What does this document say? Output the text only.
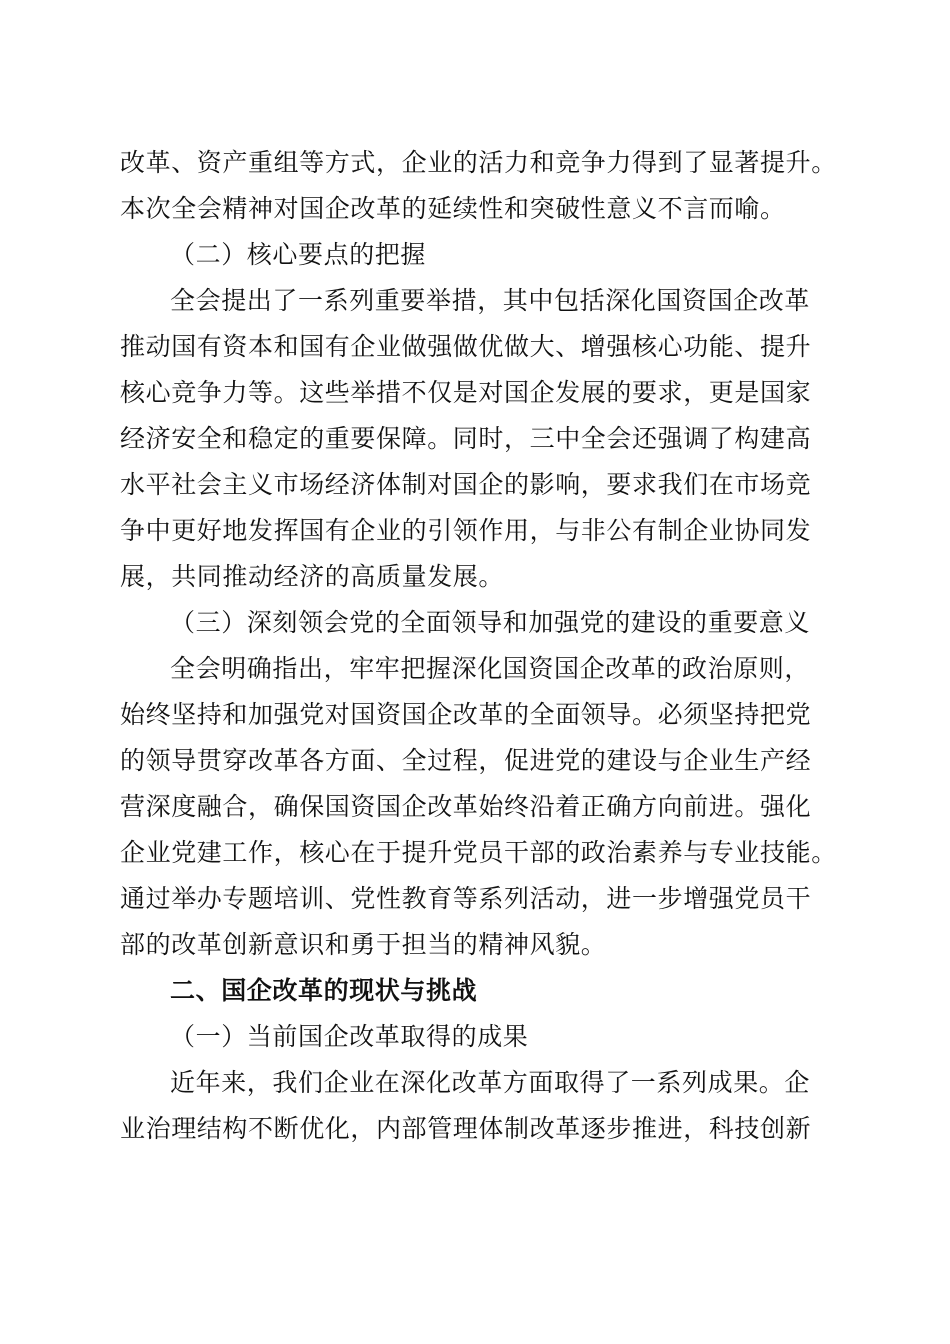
改革、资产重组等方式，企业的活力和竞争力得到了显著提升。
本次全会精神对国企改革的延续性和突破性意义不言而喻。
（二）核心要点的把握
全会提出了一系列重要举措，其中包括深化国资国企改革
推动国有资本和国有企业做强做优做大、增强核心功能、提升
核心竞争力等。这些举措不仅是对国企发展的要求，更是国家
经济安全和稳定的重要保障。同时，三中全会还强调了构建高
水平社会主义市场经济体制对国企的影响，要求我们在市场竞
争中更好地发挥国有企业的引领作用，与非公有制企业协同发
展，共同推动经济的高质量发展。
（三）深刻领会党的全面领导和加强党的建设的重要意义
全会明确指出，牢牢把握深化国资国企改革的政治原则，
始终坚持和加强党对国资国企改革的全面领导。必须坚持把党
的领导贯穿改革各方面、全过程，促进党的建设与企业生产经
营深度融合，确保国资国企改革始终沿着正确方向前进。强化
企业党建工作，核心在于提升党员干部的政治素养与专业技能。
通过举办专题培训、党性教育等系列活动，进一步增强党员干
部的改革创新意识和勇于担当的精神风貌。
二、国企改革的现状与挑战
（一）当前国企改革取得的成果
近年来，我们企业在深化改革方面取得了一系列成果。企
业治理结构不断优化，内部管理体制改革逐步推进，科技创新
